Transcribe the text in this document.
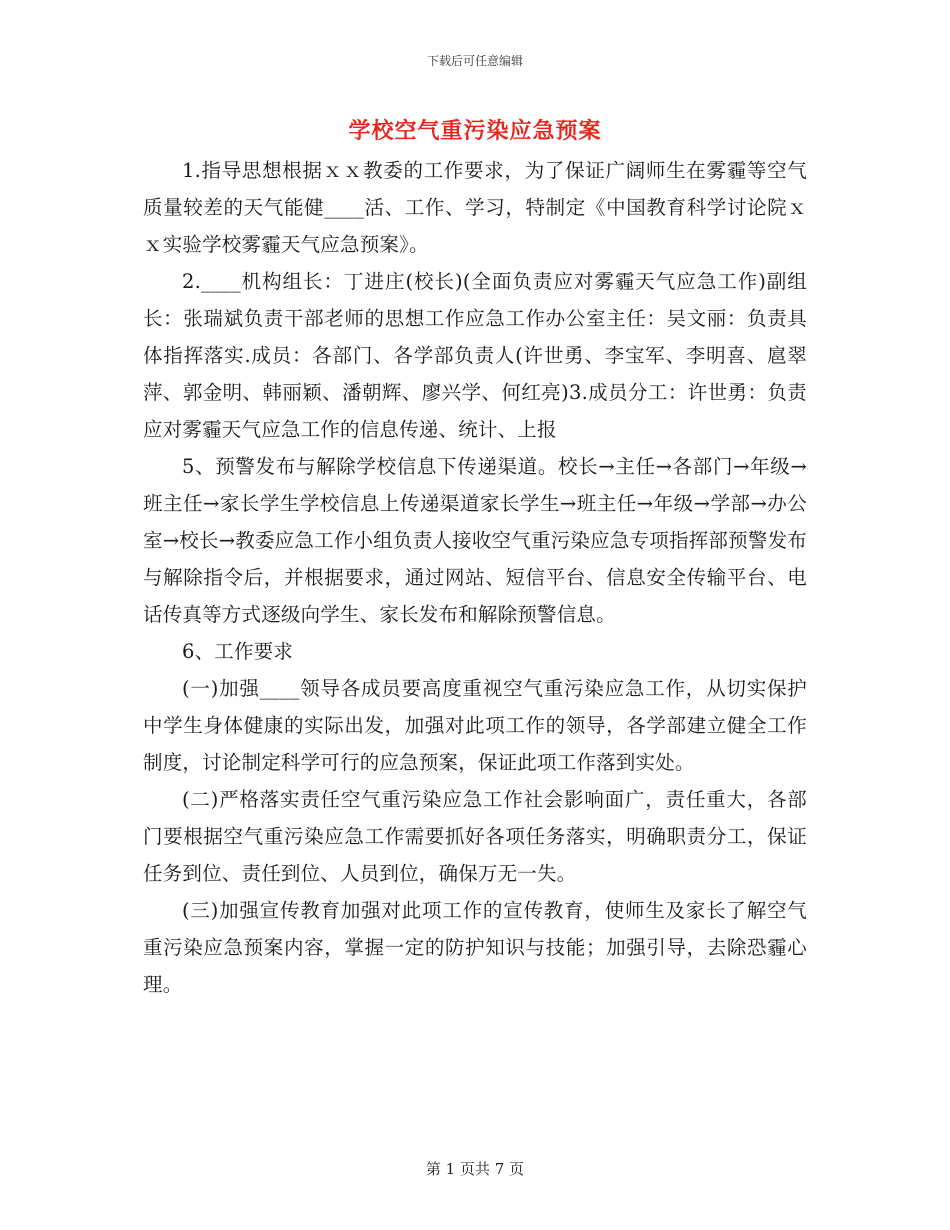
下载后可任意编辑
学校空气重污染应急预案

1.指导思想根据ｘｘ教委的工作要求，为了保证广阔师生在雾霾等空气质量较差的天气能健____活、工作、学习，特制定《中国教育科学讨论院ｘｘ实验学校雾霾天气应急预案》。

2.____机构组长：丁进庄(校长)(全面负责应对雾霾天气应急工作)副组长：张瑞斌负责干部老师的思想工作应急工作办公室主任：吴文丽：负责具体指挥落实.成员：各部门、各学部负责人(许世勇、李宝军、李明喜、扈翠萍、郭金明、韩丽颖、潘朝辉、廖兴学、何红亮)3.成员分工：许世勇：负责应对雾霾天气应急工作的信息传递、统计、上报

5、预警发布与解除学校信息下传递渠道。校长→主任→各部门→年级→班主任→家长学生学校信息上传递渠道家长学生→班主任→年级→学部→办公室→校长→教委应急工作小组负责人接收空气重污染应急专项指挥部预警发布与解除指令后，并根据要求，通过网站、短信平台、信息安全传输平台、电话传真等方式逐级向学生、家长发布和解除预警信息。

6、工作要求

(一)加强____领导各成员要高度重视空气重污染应急工作，从切实保护中学生身体健康的实际出发，加强对此项工作的领导，各学部建立健全工作制度，讨论制定科学可行的应急预案，保证此项工作落到实处。

(二)严格落实责任空气重污染应急工作社会影响面广，责任重大，各部门要根据空气重污染应急工作需要抓好各项任务落实，明确职责分工，保证任务到位、责任到位、人员到位，确保万无一失。

(三)加强宣传教育加强对此项工作的宣传教育，使师生及家长了解空气重污染应急预案内容，掌握一定的防护知识与技能；加强引导，去除恐霾心理。

第 1 页共 7 页
